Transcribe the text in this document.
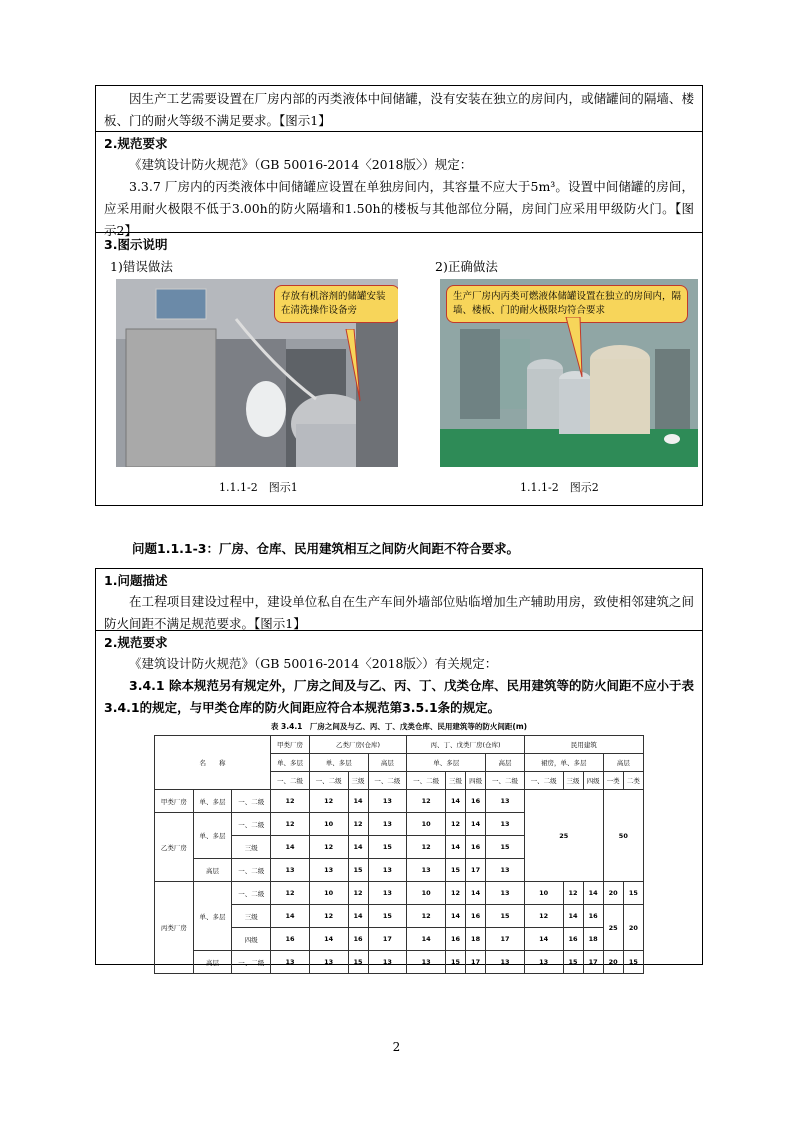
因生产工艺需要设置在厂房内部的丙类液体中间储罐，没有安装在独立的房间内，或储罐间的隔墙、楼板、门的耐火等级不满足要求。【图示1】

2.规范要求

《建筑设计防火规范》（GB 50016-2014〈2018版〉）规定：

3.3.7 厂房内的丙类液体中间储罐应设置在单独房间内，其容量不应大于5m³。设置中间储罐的房间，应采用耐火极限不低于3.00h的防火隔墙和1.50h的楼板与其他部位分隔，房间门应采用甲级防火门。【图示2】

3.图示说明

1)错误做法	2)正确做法
存放有机溶剂的储罐安装在清洗操作设备旁
生产厂房内丙类可燃液体储罐设置在独立的房间内，隔墙、楼板、门的耐火极限均符合要求
1.1.1-2　图示1	1.1.1-2　图示2
问题1.1.1-3：厂房、仓库、民用建筑相互之间防火间距不符合要求。

1.问题描述

在工程项目建设过程中，建设单位私自在生产车间外墙部位贴临增加生产辅助用房，致使相邻建筑之间防火间距不满足规范要求。【图示1】

2.规范要求

《建筑设计防火规范》（GB 50016-2014〈2018版〉）有关规定：

3.4.1 除本规范另有规定外，厂房之间及与乙、丙、丁、戊类仓库、民用建筑等的防火间距不应小于表3.4.1的规定，与甲类仓库的防火间距应符合本规范第3.5.1条的规定。

表 3.4.1　厂房之间及与乙、丙、丁、戊类仓库、民用建筑等的防火间距(m)
名　　称			甲类厂房	乙类厂房(仓库)			丙、丁、戊类厂房(仓库)				民用建筑				
			单、多层	单、多层		高层	单、多层			高层	裙房，单、多层			高层	
			一、二级	一、二级	三级	一、二级	一、二级	三级	四级	一、二级	一、二级	三级	四级	一类	二类
甲类厂房	单、多层	一、二级	12	12	14	13	12	14	16	13	25			50	
乙类厂房	单、多层	一、二级	12	10	12	13	10	12	14	13					
		三级	14	12	14	15	12	14	16	15					
	高层	一、二级	13	13	15	13	13	15	17	13					
丙类厂房	单、多层	一、二级	12	10	12	13	10	12	14	13	10	12	14	20	15
		三级	14	12	14	15	12	14	16	15	12	14	16	25	20
		四级	16	14	16	17	14	16	18	17	14	16	18		
	高层	一、二级	13	13	15	13	13	15	17	13	13	15	17	20	15
2
